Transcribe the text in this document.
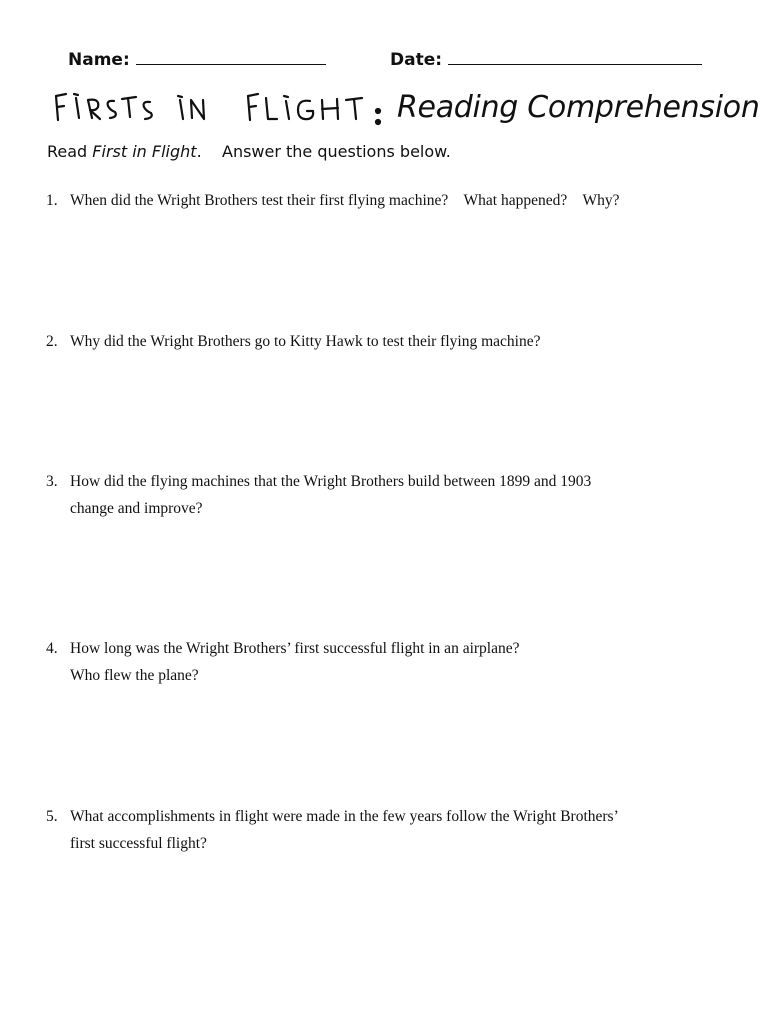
Name:	Date:
Reading Comprehension
Read First in Flight. Answer the questions below.
1. When did the Wright Brothers test their first flying machine?    What happened?    Why?
2. Why did the Wright Brothers go to Kitty Hawk to test their flying machine?
3. How did the flying machines that the Wright Brothers build between 1899 and 1903
change and improve?
4. How long was the Wright Brothers’ first successful flight in an airplane?
Who flew the plane?
5. What accomplishments in flight were made in the few years follow the Wright Brothers’
first successful flight?
